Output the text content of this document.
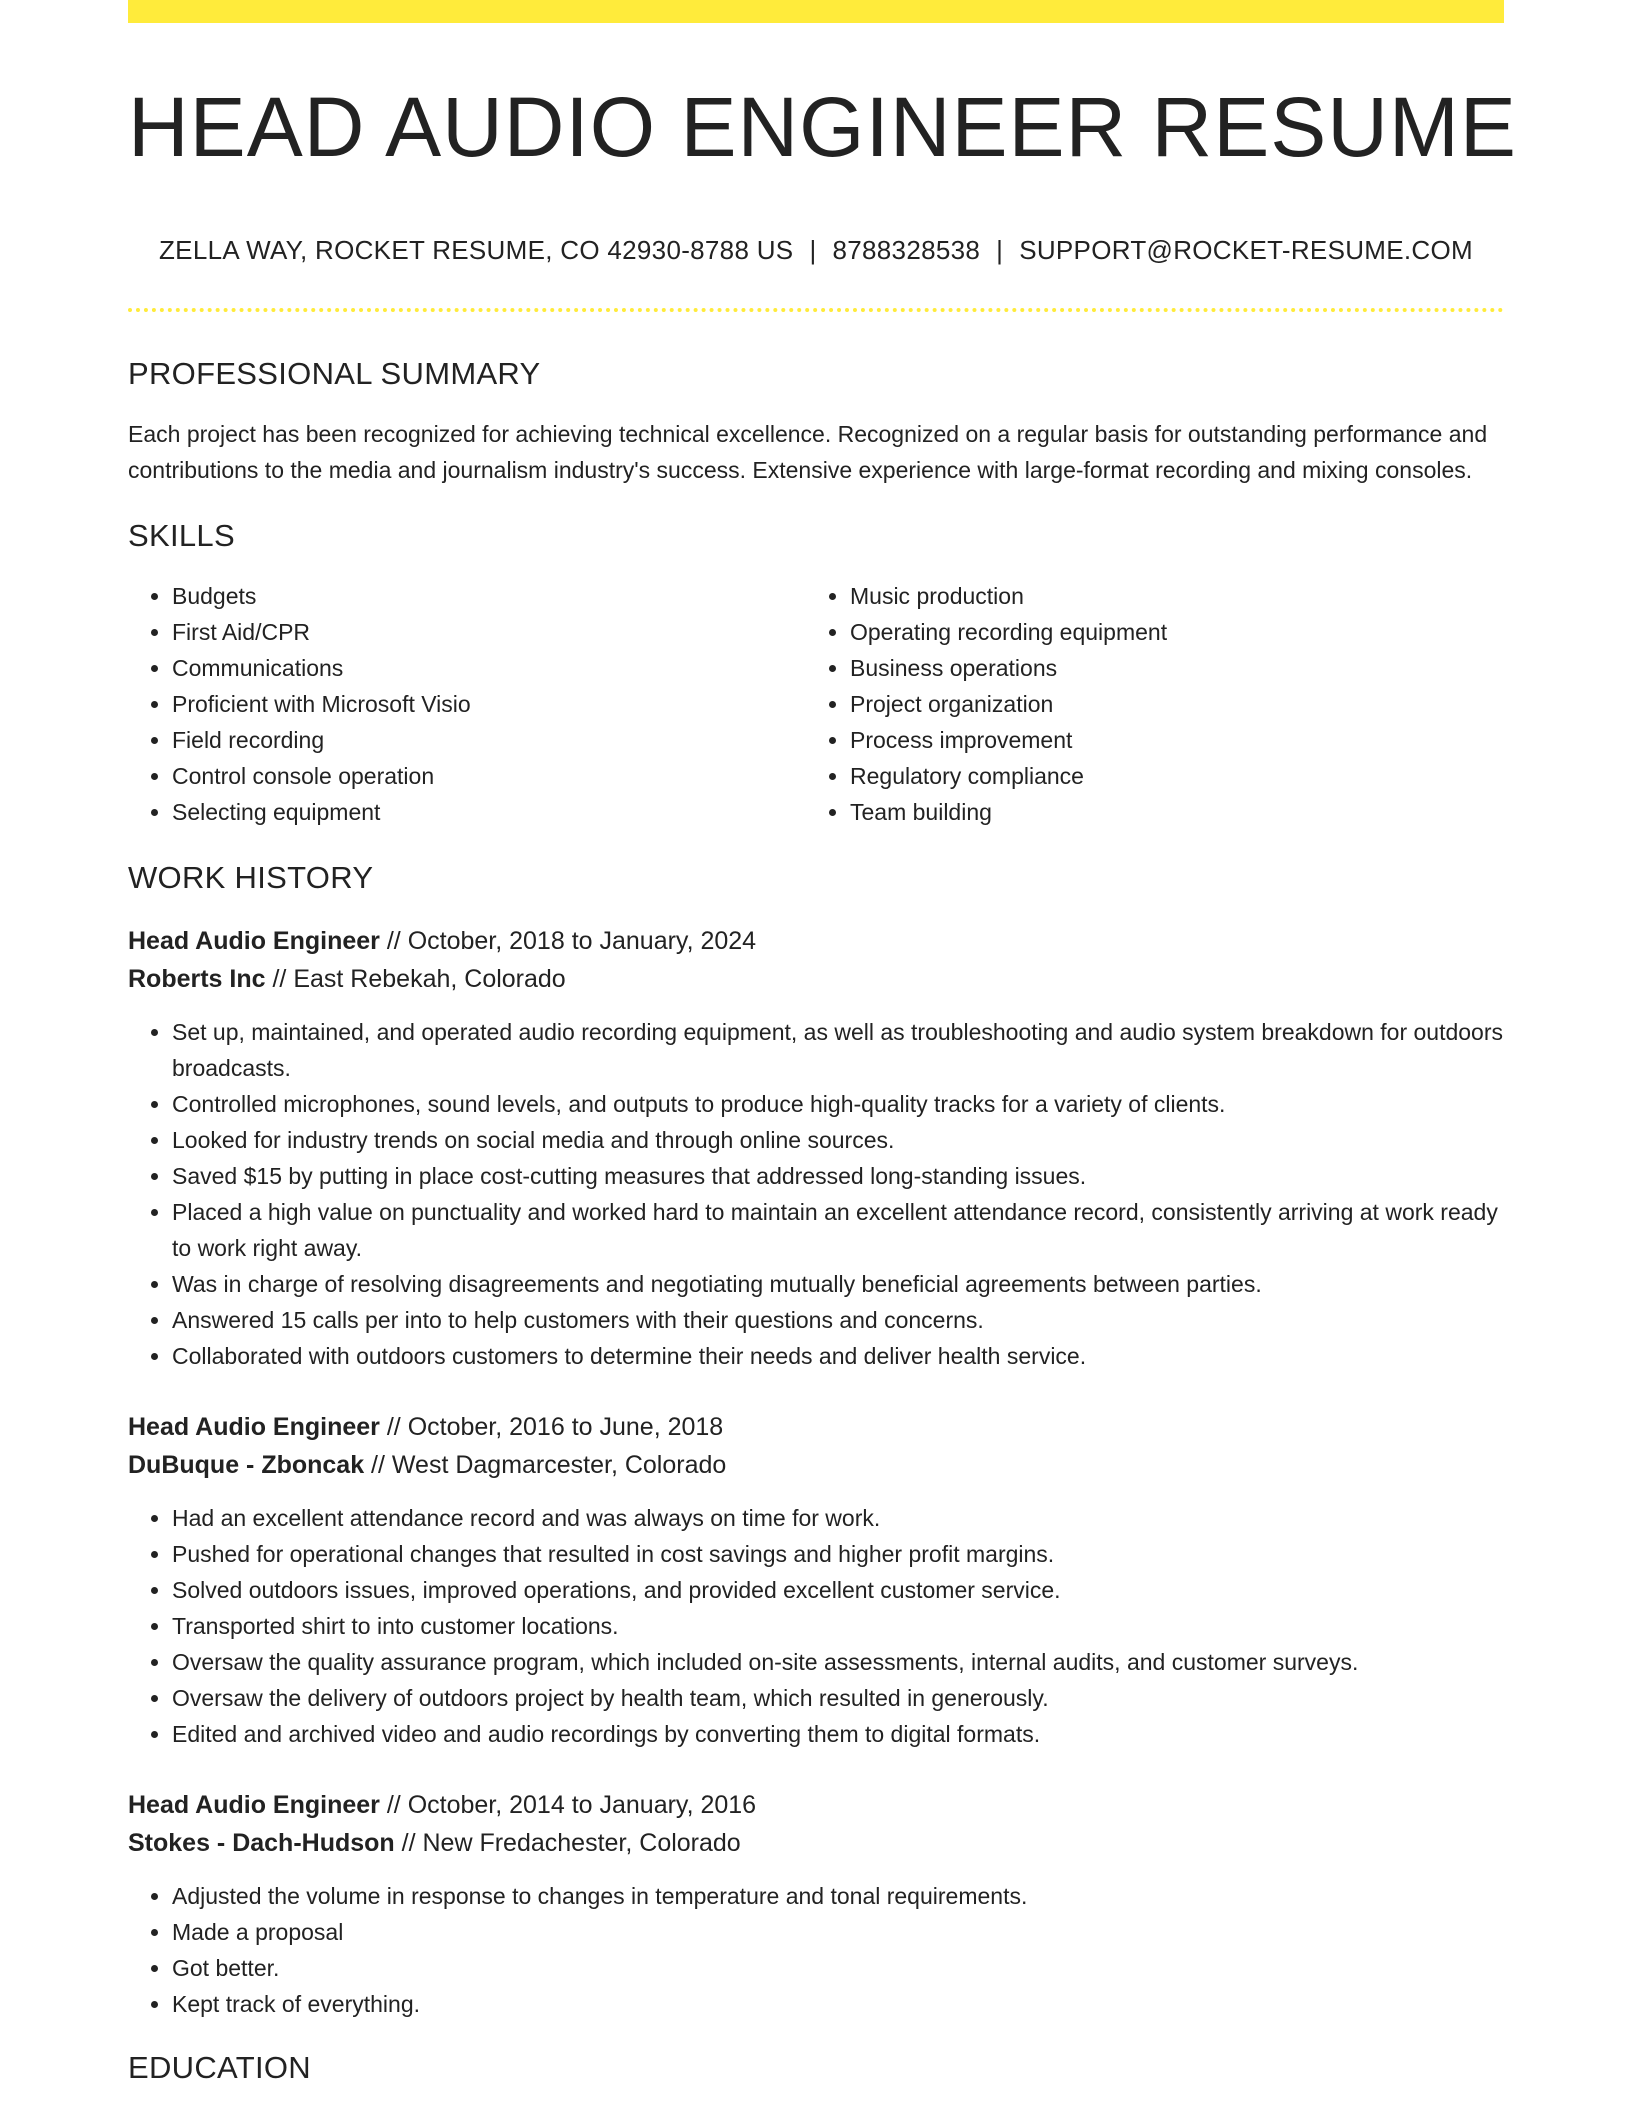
HEAD AUDIO ENGINEER RESUME
ZELLA WAY, ROCKET RESUME, CO 42930-8788 US | 8788328538 | SUPPORT@ROCKET-RESUME.COM
PROFESSIONAL SUMMARY

Each project has been recognized for achieving technical excellence. Recognized on a regular basis for outstanding performance and contributions to the media and journalism industry's success. Extensive experience with large-format recording and mixing consoles.

SKILLS
• Budgets
• First Aid/CPR
• Communications
• Proficient with Microsoft Visio
• Field recording
• Control console operation
• Selecting equipment
• Music production
• Operating recording equipment
• Business operations
• Project organization
• Process improvement
• Regulatory compliance
• Team building
WORK HISTORY
Head Audio Engineer // October, 2018 to January, 2024
Roberts Inc // East Rebekah, Colorado
• Set up, maintained, and operated audio recording equipment, as well as troubleshooting and audio system breakdown for outdoors broadcasts.
• Controlled microphones, sound levels, and outputs to produce high-quality tracks for a variety of clients.
• Looked for industry trends on social media and through online sources.
• Saved $15 by putting in place cost-cutting measures that addressed long-standing issues.
• Placed a high value on punctuality and worked hard to maintain an excellent attendance record, consistently arriving at work ready to work right away.
• Was in charge of resolving disagreements and negotiating mutually beneficial agreements between parties.
• Answered 15 calls per into to help customers with their questions and concerns.
• Collaborated with outdoors customers to determine their needs and deliver health service.
Head Audio Engineer // October, 2016 to June, 2018
DuBuque - Zboncak // West Dagmarcester, Colorado
• Had an excellent attendance record and was always on time for work.
• Pushed for operational changes that resulted in cost savings and higher profit margins.
• Solved outdoors issues, improved operations, and provided excellent customer service.
• Transported shirt to into customer locations.
• Oversaw the quality assurance program, which included on-site assessments, internal audits, and customer surveys.
• Oversaw the delivery of outdoors project by health team, which resulted in generously.
• Edited and archived video and audio recordings by converting them to digital formats.
Head Audio Engineer // October, 2014 to January, 2016
Stokes - Dach-Hudson // New Fredachester, Colorado
• Adjusted the volume in response to changes in temperature and tonal requirements.
• Made a proposal
• Got better.
• Kept track of everything.
EDUCATION
